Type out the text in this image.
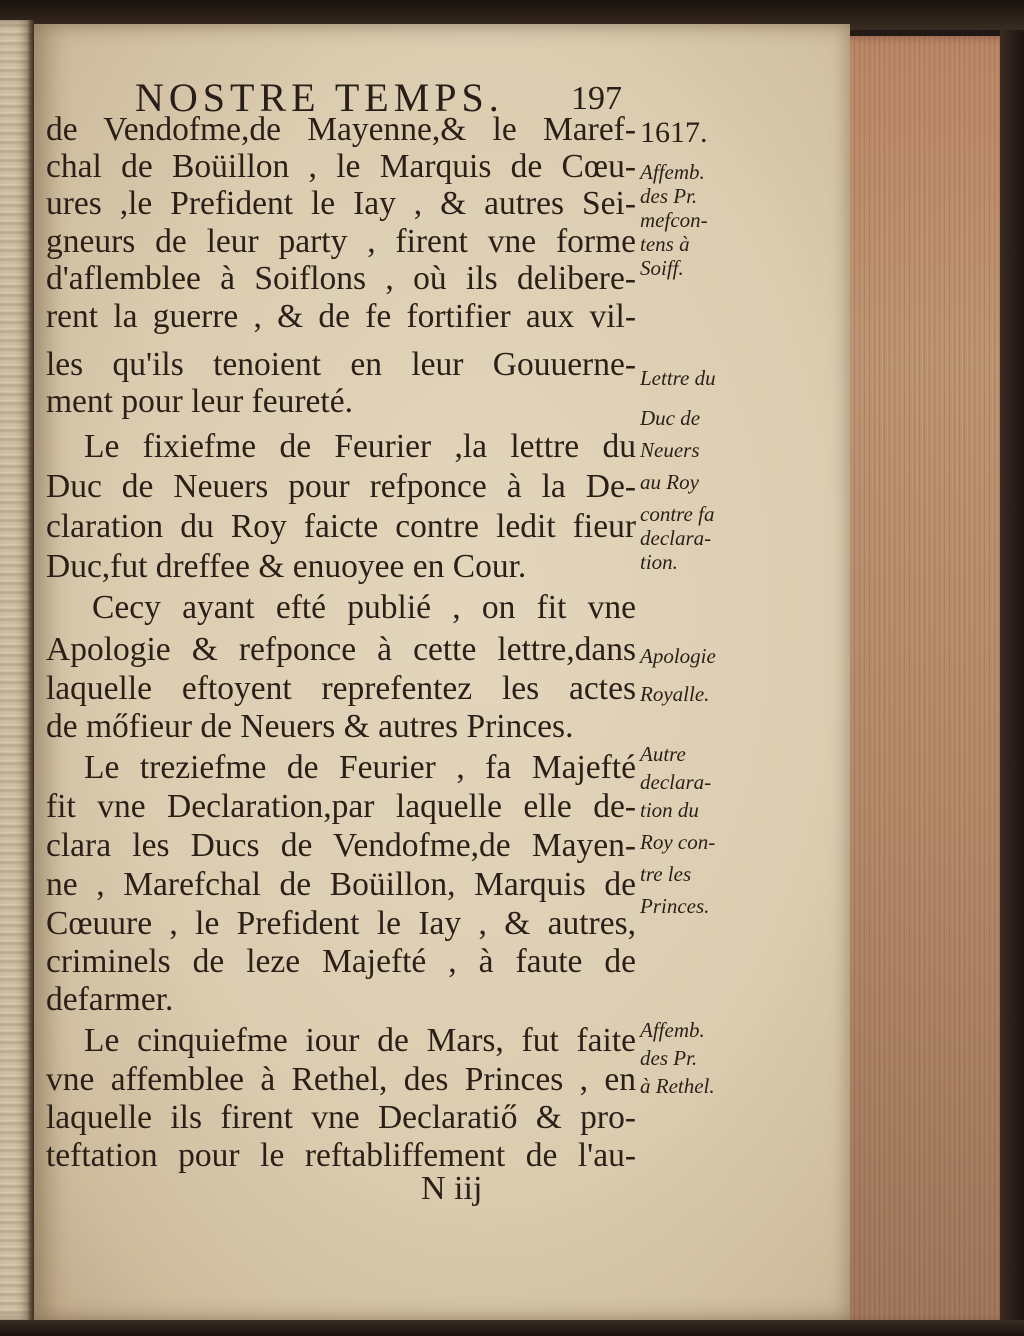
NOSTRE TEMPS. 197
1617.
de Vendofme,de Mayenne,& le Maref-
chal de Boüillon , le Marquis de Cœu-
ures ,le Prefident le Iay , & autres Sei-
gneurs de leur party , firent vne forme
d'aflemblee à Soiflons , où ils delibere-
rent la guerre , & de fe fortifier aux vil-
les qu'ils tenoient en leur Gouuerne-
ment pour leur feureté.
Le fixiefme de Feurier ,la lettre du
Duc de Neuers pour refponce à la De-
claration du Roy faicte contre ledit fieur
Duc,fut dreffee & enuoyee en Cour.
Cecy ayant efté publié , on fit vne
Apologie & refponce à cette lettre,dans
laquelle eftoyent reprefentez les actes
de mőfieur de Neuers & autres Princes.
Le treziefme de Feurier , fa Majefté
fit vne Declaration,par laquelle elle de-
clara les Ducs de Vendofme,de Mayen-
ne , Marefchal de Boüillon, Marquis de
Cœuure , le Prefident le Iay , & autres,
criminels de leze Majefté , à faute de
defarmer.
Le cinquiefme iour de Mars, fut faite
vne affemblee à Rethel, des Princes , en
laquelle ils firent vne Declaratiő & pro-
teftation pour le reftabliffement de l'au-
Affemb.
des Pr.
mefcon-
tens à
Soiff.
Lettre du
Duc de
Neuers
au Roy
contre fa
declara-
tion.
Apologie
Royalle.
Autre
declara-
tion du
Roy con-
tre les
Princes.
Affemb.
des Pr.
à Rethel.
N iij
